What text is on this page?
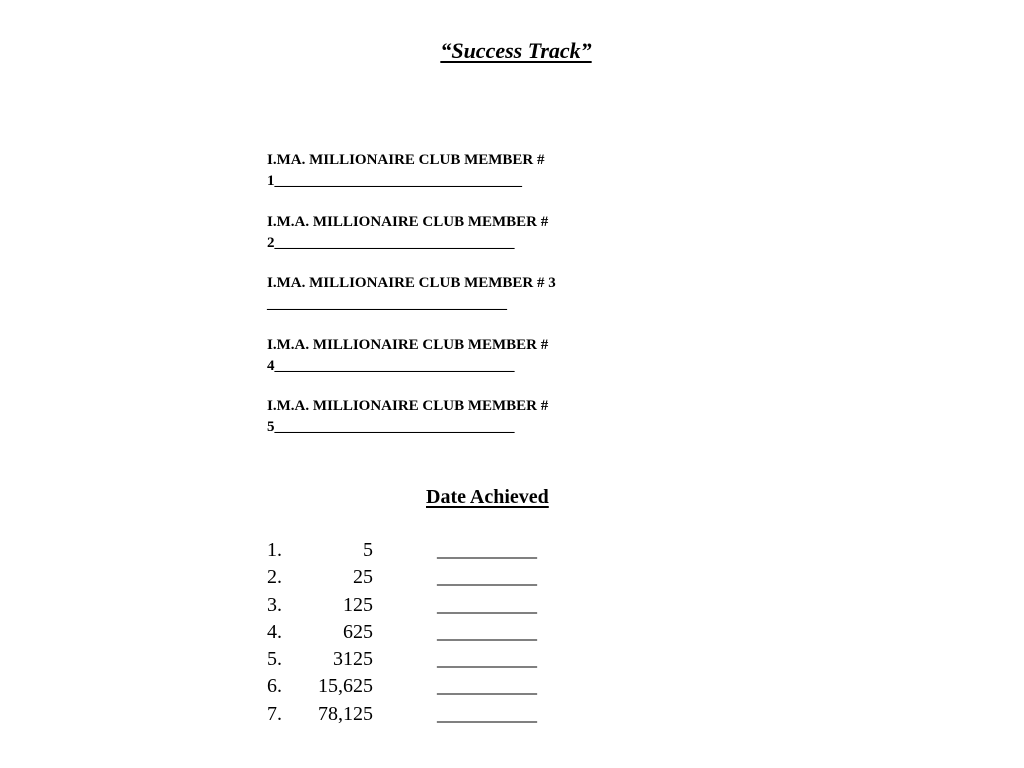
“Success Track”
I.MA. MILLIONAIRE CLUB MEMBER #
1_________________________________
I.M.A. MILLIONAIRE CLUB MEMBER #
2________________________________
I.MA. MILLIONAIRE CLUB MEMBER # 3
________________________________
I.M.A. MILLIONAIRE CLUB MEMBER #
4________________________________
I.M.A. MILLIONAIRE CLUB MEMBER #
5________________________________
Date Achieved
1.	5	__________
2.	25	__________
3.	125	__________
4.	625	__________
5.	3125	__________
6.	15,625	__________
7.	78,125	__________
